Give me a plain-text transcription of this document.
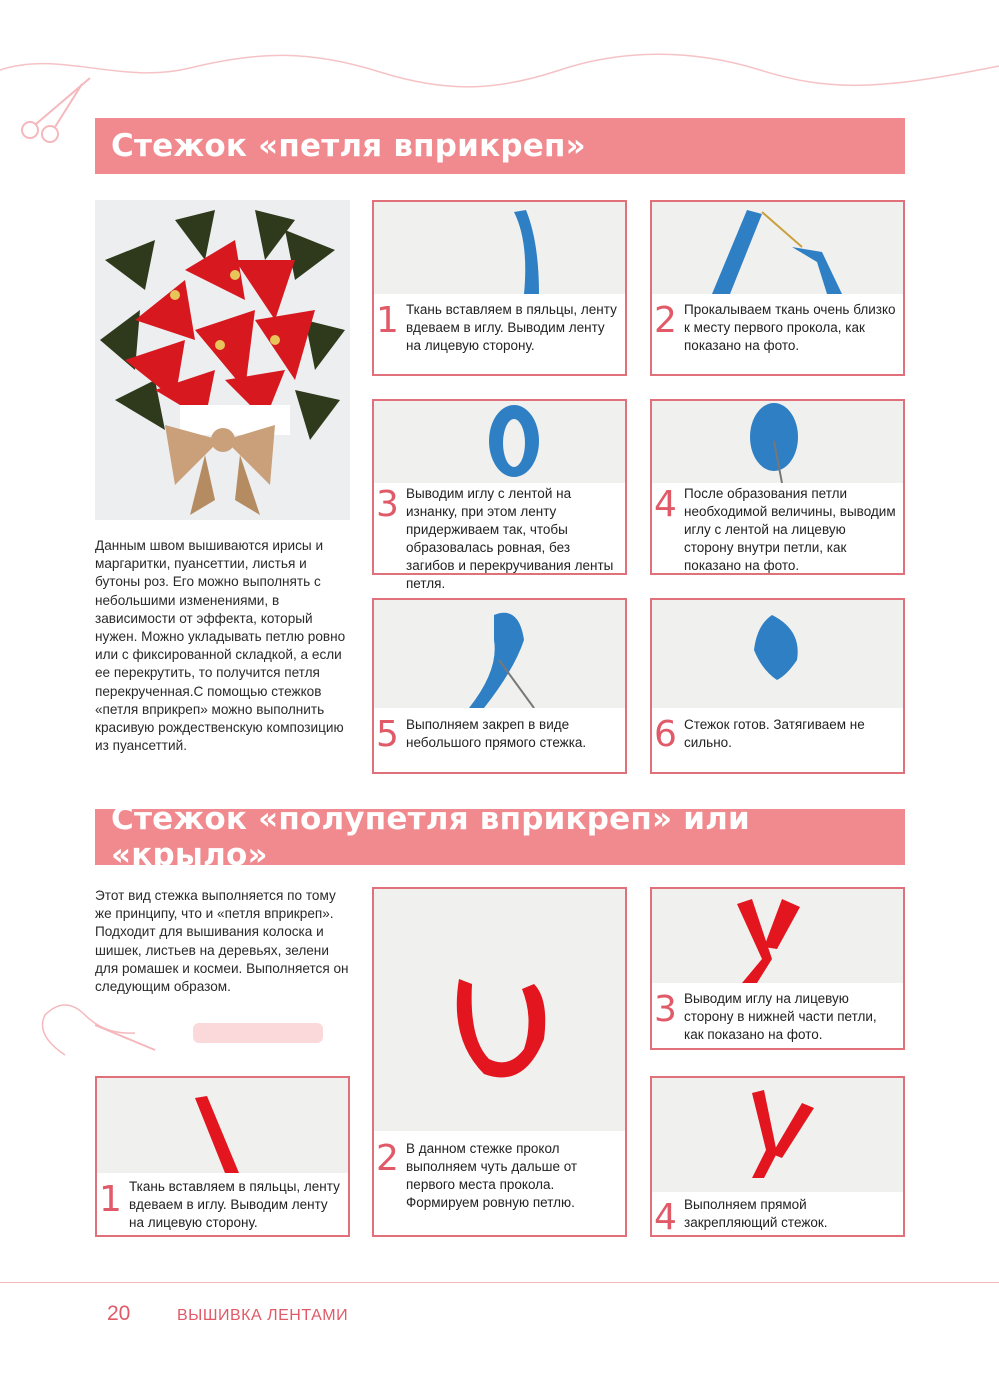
Стежок «петля вприкреп»
Данным швом вышиваются ирисы и маргаритки, пуансеттии, листья и бутоны роз. Его можно выполнять с небольшими изменениями, в зависимости от эффекта, который нужен. Можно укладывать петлю ровно или с фиксированной складкой, а если ее перекрутить, то получится петля перекрученная.С помощью стежков «петля вприкреп» можно выполнить красивую рождественскую композицию из пуансеттий.
1 Ткань вставляем в пяльцы, ленту вдеваем в иглу. Выводим ленту на лицевую сторону.
2 Прокалываем ткань очень близко к месту первого прокола, как показано на фото.
3 Выводим иглу с лентой на изнанку, при этом ленту придерживаем так, чтобы образовалась ровная, без загибов и перекручивания ленты петля.
4 После образования петли необходимой величины, выводим иглу с лентой на лицевую сторону внутри петли, как показано на фото.
5 Выполняем закреп в виде небольшого прямого стежка.	6 Стежок готов. Затягиваем не сильно.
Стежок «полупетля вприкреп» или «крыло»
Этот вид стежка выполняется по тому же принципу, что и «петля вприкреп». Подходит для вышивания колоска и шишек, листьев на деревьях, зелени для ромашек и космеи. Выполняется он следующим образом.
1 Ткань вставляем в пяльцы, ленту вдеваем в иглу. Выводим ленту на лицевую сторону.
2 В данном стежке прокол выполняем чуть дальше от первого места прокола. Формируем ровную петлю.
3 Выводим иглу на лицевую сторону в нижней части петли, как показано на фото.
4 Выполняем прямой закрепляющий стежок.
20	ВЫШИВКА ЛЕНТАМИ
